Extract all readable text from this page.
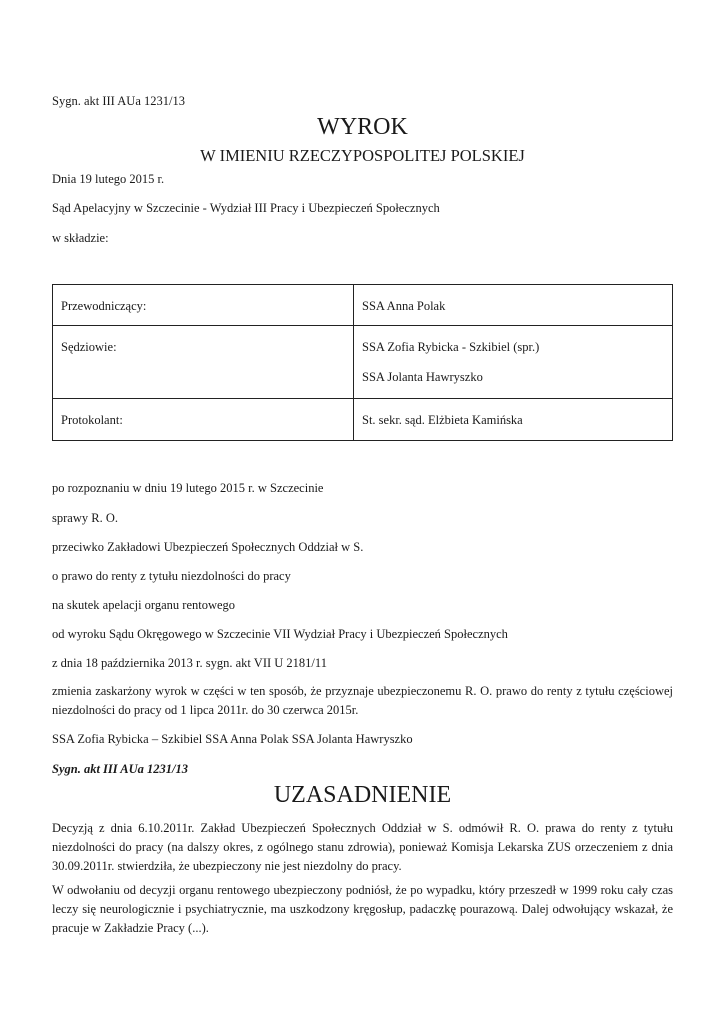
Sygn. akt III AUa 1231/13
WYROK
W IMIENIU RZECZYPOSPOLITEJ POLSKIEJ
Dnia 19 lutego 2015 r.
Sąd Apelacyjny w Szczecinie - Wydział III Pracy i Ubezpieczeń Społecznych
w składzie:
Przewodniczący:	SSA Anna Polak

Sędziowie:	SSA Zofia Rybicka - Szkibiel (spr.)
SSA Jolanta Hawryszko

Protokolant:	St. sekr. sąd. Elżbieta Kamińska
po rozpoznaniu w dniu 19 lutego 2015 r. w Szczecinie
sprawy R. O.
przeciwko Zakładowi Ubezpieczeń Społecznych Oddział w S.
o prawo do renty z tytułu niezdolności do pracy
na skutek apelacji organu rentowego
od wyroku Sądu Okręgowego w Szczecinie VII Wydział Pracy i Ubezpieczeń Społecznych
z dnia 18 października 2013 r. sygn. akt VII U 2181/11
zmienia zaskarżony wyrok w części w ten sposób, że przyznaje ubezpieczonemu R. O. prawo do renty z tytułu częściowej niezdolności do pracy od 1 lipca 2011r. do 30 czerwca 2015r.
SSA Zofia Rybicka – Szkibiel SSA Anna Polak SSA Jolanta Hawryszko
Sygn. akt III AUa 1231/13
UZASADNIENIE
Decyzją z dnia 6.10.2011r. Zakład Ubezpieczeń Społecznych Oddział w S. odmówił R. O. prawa do renty z tytułu niezdolności do pracy (na dalszy okres, z ogólnego stanu zdrowia), ponieważ Komisja Lekarska ZUS orzeczeniem z dnia 30.09.2011r. stwierdziła, że ubezpieczony nie jest niezdolny do pracy.
W odwołaniu od decyzji organu rentowego ubezpieczony podniósł, że po wypadku, który przeszedł w 1999 roku cały czas leczy się neurologicznie i psychiatrycznie, ma uszkodzony kręgosłup, padaczkę pourazową. Dalej odwołujący wskazał, że pracuje w Zakładzie Pracy (...).
